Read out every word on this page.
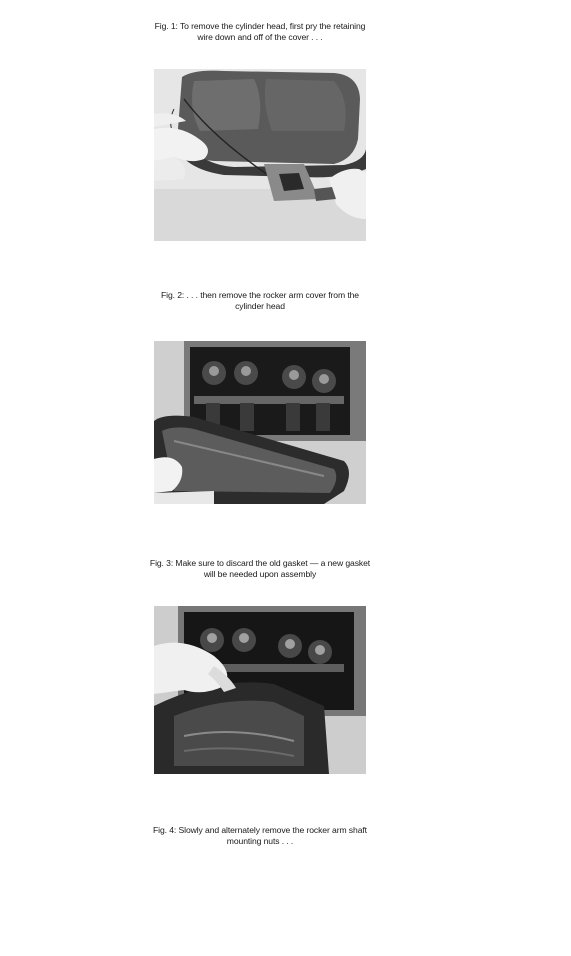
Fig. 1: To remove the cylinder head, first pry the retaining
wire down and off of the cover . . .
Fig. 2: . . . then remove the rocker arm cover from the
cylinder head
Fig. 3: Make sure to discard the old gasket — a new gasket
will be needed upon assembly
Fig. 4: Slowly and alternately remove the rocker arm shaft
mounting nuts . . .
